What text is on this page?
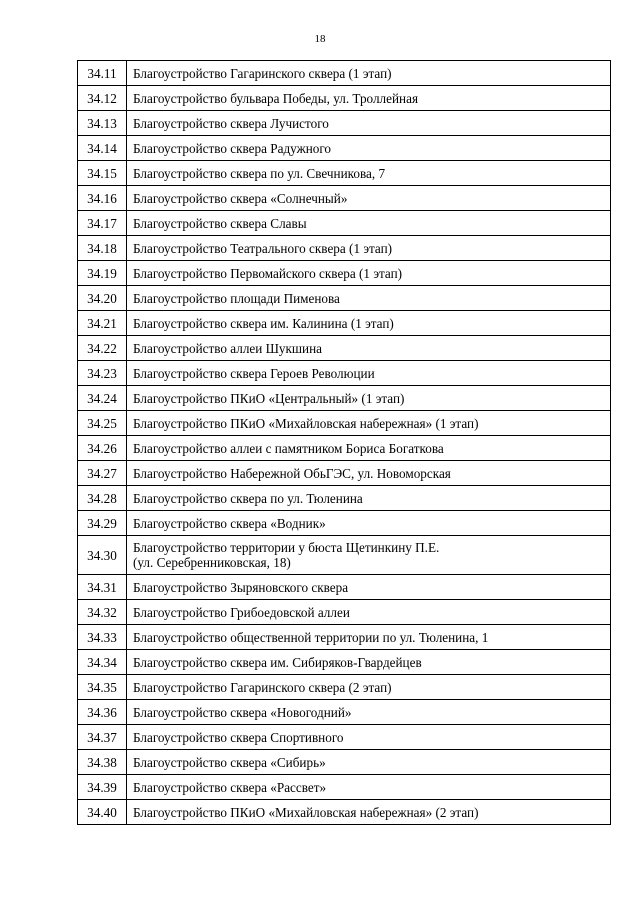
18
34.11	Благоустройство Гагаринского сквера (1 этап)

34.12	Благоустройство бульвара Победы, ул. Троллейная

34.13	Благоустройство сквера Лучистого

34.14	Благоустройство сквера Радужного

34.15	Благоустройство сквера по ул. Свечникова, 7

34.16	Благоустройство сквера «Солнечный»

34.17	Благоустройство сквера Славы

34.18	Благоустройство Театрального сквера (1 этап)

34.19	Благоустройство Первомайского сквера (1 этап)

34.20	Благоустройство площади Пименова

34.21	Благоустройство сквера им. Калинина (1 этап)

34.22	Благоустройство аллеи Шукшина

34.23	Благоустройство сквера Героев Революции

34.24	Благоустройство ПКиО «Центральный» (1 этап)

34.25	Благоустройство ПКиО «Михайловская набережная» (1 этап)

34.26	Благоустройство аллеи с памятником Бориса Богаткова

34.27	Благоустройство Набережной ОбьГЭС, ул. Новоморская

34.28	Благоустройство сквера по ул. Тюленина

34.29	Благоустройство сквера «Водник»

34.30	Благоустройство территории у бюста Щетинкину П.Е.
(ул. Серебренниковская, 18)

34.31	Благоустройство Зыряновского сквера

34.32	Благоустройство Грибоедовской аллеи

34.33	Благоустройство общественной территории по ул. Тюленина, 1

34.34	Благоустройство сквера им. Сибиряков-Гвардейцев

34.35	Благоустройство Гагаринского сквера (2 этап)

34.36	Благоустройство сквера «Новогодний»

34.37	Благоустройство сквера Спортивного

34.38	Благоустройство сквера «Сибирь»

34.39	Благоустройство сквера «Рассвет»

34.40	Благоустройство ПКиО «Михайловская набережная» (2 этап)
